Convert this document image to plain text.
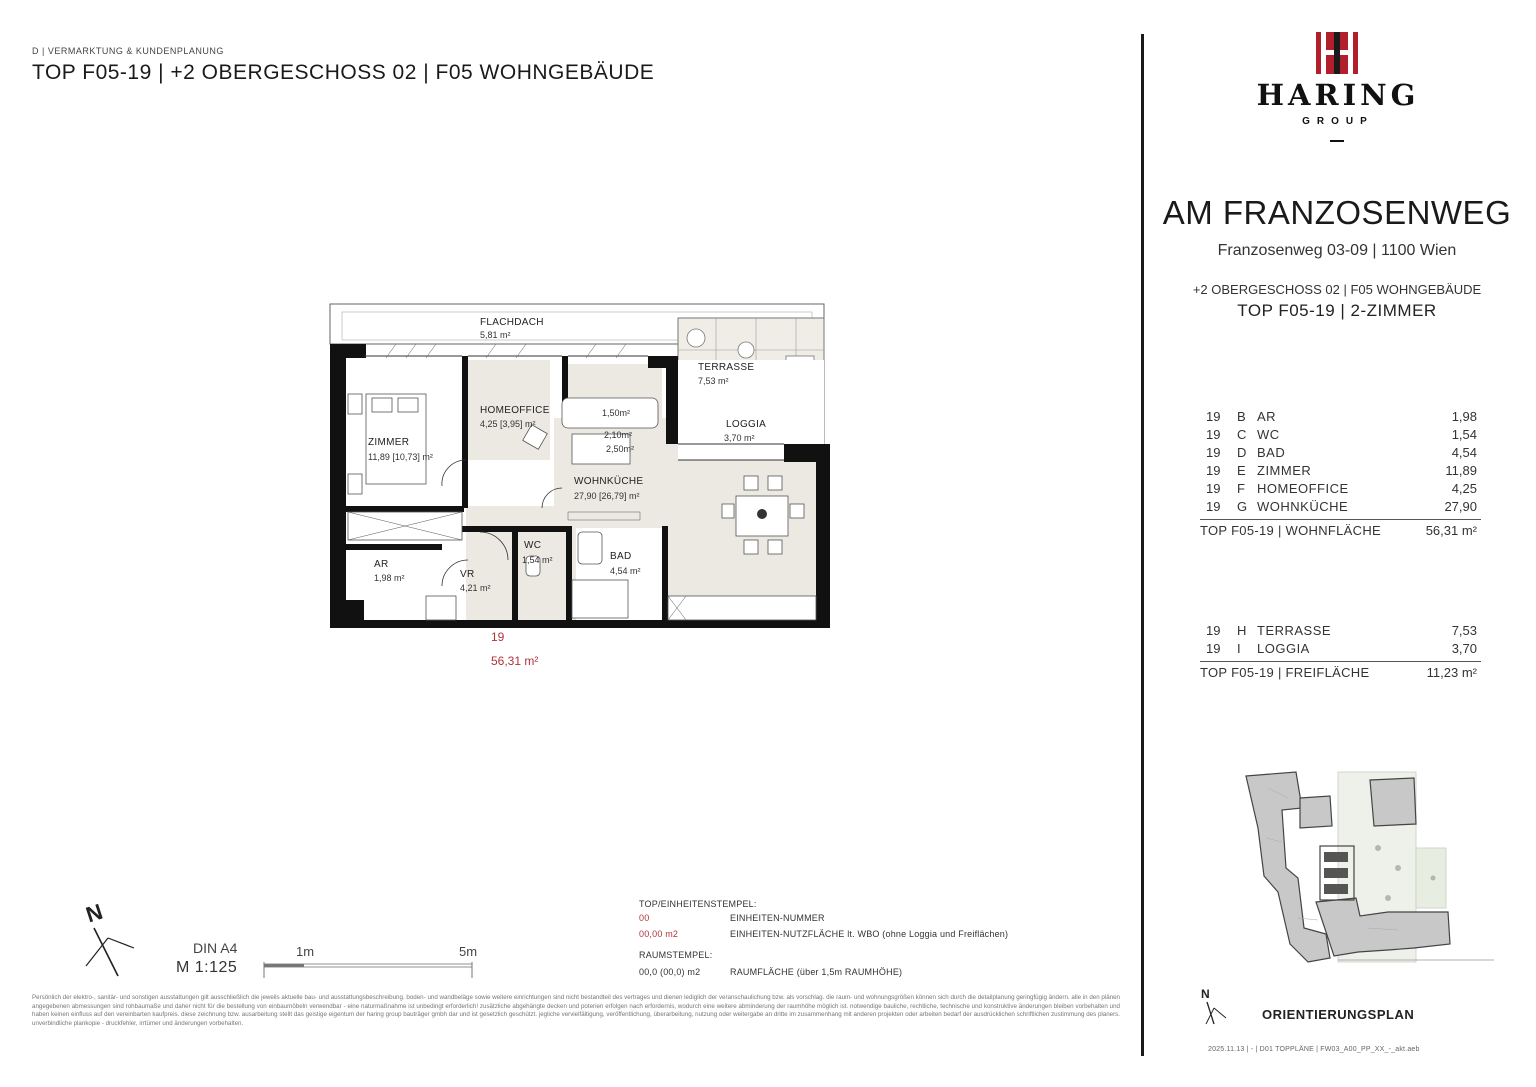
D | VERMARKTUNG & KUNDENPLANUNG
TOP F05-19 | +2 OBERGESCHOSS 02 | F05 WOHNGEBÄUDE
HARING
GROUP
AM FRANZOSENWEG
Franzosenweg 03-09 | 1100 Wien
+2 OBERGESCHOSS 02 | F05 WOHNGEBÄUDE
TOP F05-19 | 2-ZIMMER
19 B AR	1,98
19 C WC	1,54
19 D BAD	4,54
19 E ZIMMER	11,89
19 F HOMEOFFICE	4,25
19 G WOHNKÜCHE	27,90
TOP F05-19 | WOHNFLÄCHE	56,31 m²
19 H TERRASSE	7,53
19 I LOGGIA	3,70
TOP F05-19 | FREIFLÄCHE	11,23 m²
N
ORIENTIERUNGSPLAN
2025.11.13 | - | D01 TOPPLÄNE | FW03_A00_PP_XX_-_akt.aeb
FLACHDACH
5,81 m²
TERRASSE
7,53 m²
HOMEOFFICE
4,25 [3,95] m²	LOGGIA
3,70 m²
1,50m²
2,10m²
2,50m²
ZIMMER
11,89 [10,73] m²
WOHNKÜCHE
27,90 [26,79] m²
WC
1,54 m²	BAD
4,54 m²
AR
1,98 m²	VR
4,21 m²
19
56,31 m²
N
DIN A4
M 1:125
1m	5m
TOP/EINHEITENSTEMPEL:
00	EINHEITEN-NUMMER
00,00 m2	EINHEITEN-NUTZFLÄCHE lt. WBO (ohne Loggia und Freiflächen)
RAUMSTEMPEL:
00,0 (00,0) m2	RAUMFLÄCHE (über 1,5m RAUMHÖHE)
Persönlich der elektro-, sanitär- und sonstigen ausstattungen gilt ausschließlich die jeweils aktuelle bau- und ausstattungsbeschreibung. boden- und wandbeläge sowie weitere einrichtungen sind nicht bestandteil des vertrages und dienen lediglich der veranschaulichung bzw. als vorschlag. die raum- und wohnungsgrößen können sich durch die detailplanung geringfügig ändern. alle in den plänen angegebenen abmessungen sind rohbaumaße und daher nicht für die bestellung von einbaumöbeln verwendbar - eine naturmaßnahme ist unbedingt erforderlich! zusätzliche abgehängte decken und poterien erfolgen nach erfordernis, wodurch eine weitere abminderung der raumhöhe möglich ist. notwendige bauliche, rechtliche, technische und konstruktive änderungen bleiben vorbehalten und haben keinen einfluss auf den vereinbarten kaufpreis. diese zeichnung bzw. ausarbeitung stellt das geistige eigentum der haring group bauträger gmbh dar und ist gesetzlich geschützt. jegliche vervielfältigung, veröffentlichung, überarbeitung, nutzung oder weitergabe an dritte im zusammenhang mit anderen projekten oder arbeiten bedarf der ausdrücklichen schriftlichen zustimmung des planers. unverbindliche plankopie - druckfehler, irrtümer und änderungen vorbehalten.
